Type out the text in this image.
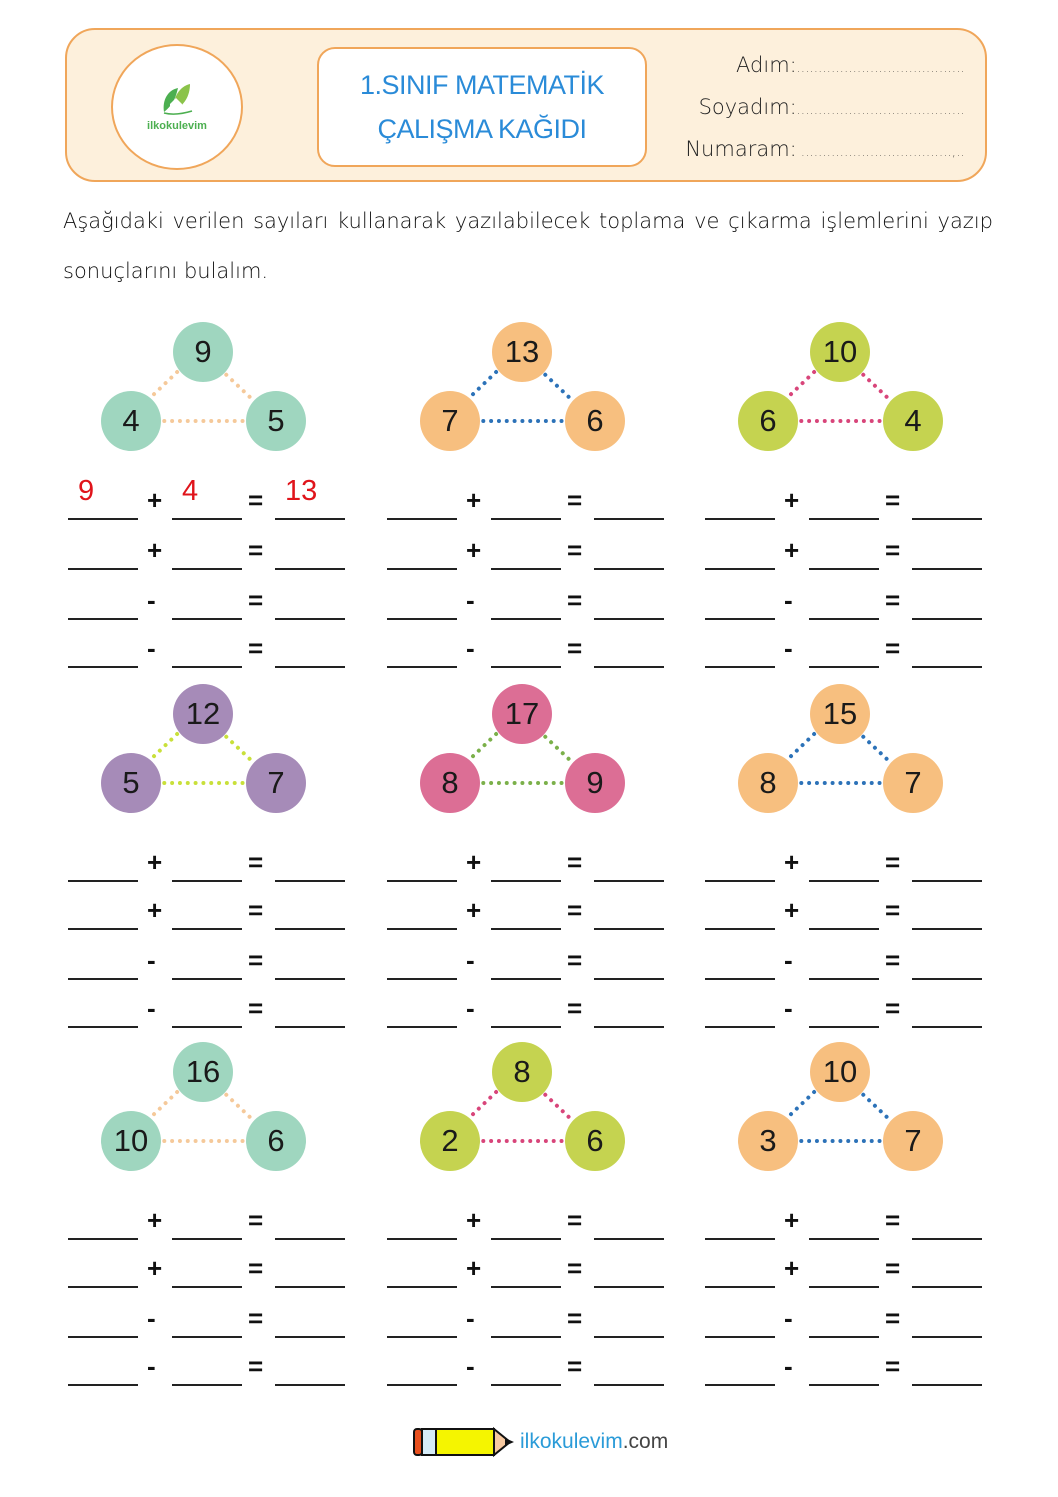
ilkokulevim
1.SINIF MATEMATİK
ÇALIŞMA KAĞIDI
Adım:.......................................
Soyadım:.......................................
Numaram: ...................................,..
Aşağıdaki verilen sayıları kullanarak yazılabilecek toplama ve çıkarma işlemlerini yazıp sonuçlarını bulalım.
9
4	5
9 + 4 = 13
+	=
-	=
-	=
13
7	6
+	=
+	=
-	=
-	=
10
6	4
+	=
+	=
-	=
-	=
12
5	7
+	=
+	=
-	=
-	=
17
8	9
+	=
+	=
-	=
-	=
15
8	7
+	=
+	=
-	=
-	=
16
10	6
+	=
+	=
-	=
-	=
8
2	6
+	=
+	=
-	=
-	=
10
3	7
+	=
+	=
-	=
-	=
ilkokulevim.com
